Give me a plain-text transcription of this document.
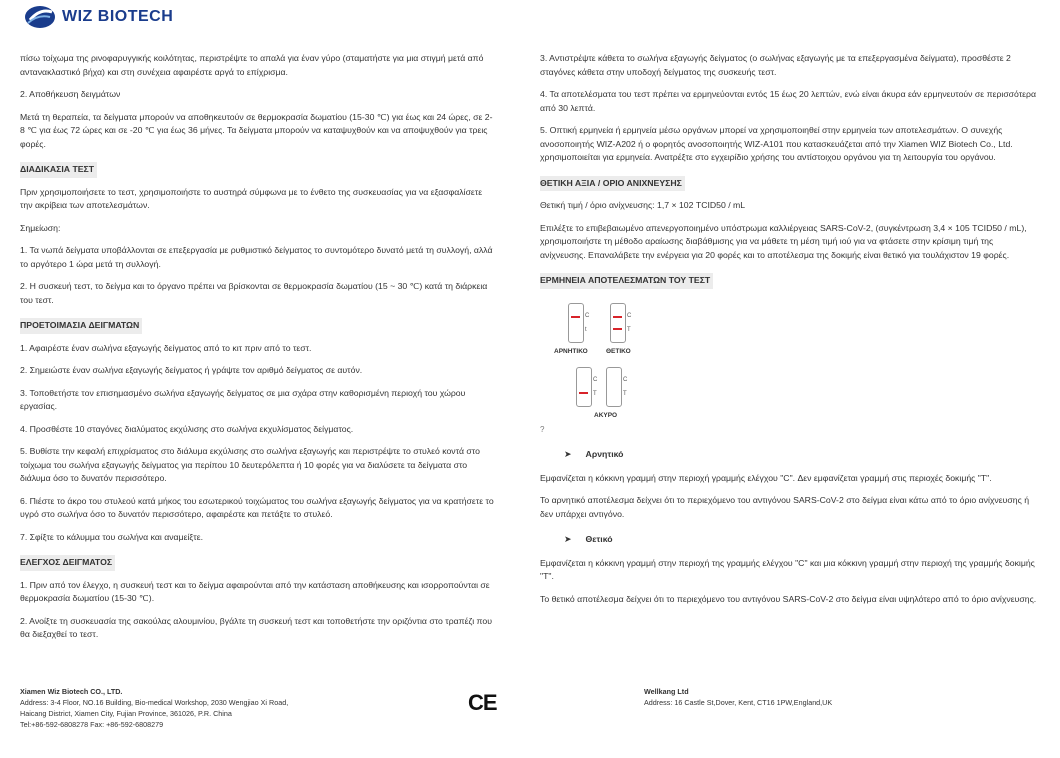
WIZ BIOTECH

πίσω τοίχωμα της ρινοφαρυγγικής κοιλότητας, περιστρέψτε το απαλά για έναν γύρο (σταματήστε για μια στιγμή μετά από αντανακλαστικό βήχα) και στη συνέχεια αφαιρέστε αργά το επίχρισμα.

2. Αποθήκευση δειγμάτων

Μετά τη θεραπεία, τα δείγματα μπορούν να αποθηκευτούν σε θερμοκρασία δωματίου (15-30 ℃) για έως και 24 ώρες, σε 2-8 ℃ για έως 72 ώρες και σε -20 ℃ για έως 36 μήνες. Τα δείγματα μπορούν να καταψυχθούν και να αποψυχθούν για τρεις φορές.

ΔΙΑΔΙΚΑΣΙΑ ΤΕΣΤ

Πριν χρησιμοποιήσετε το τεστ, χρησιμοποιήστε το αυστηρά σύμφωνα με το ένθετο της συσκευασίας για να εξασφαλίσετε την ακρίβεια των αποτελεσμάτων.

Σημείωση:

1. Τα νωπά δείγματα υποβάλλονται σε επεξεργασία με ρυθμιστικό δείγματος το συντομότερο δυνατό μετά τη συλλογή, αλλά το αργότερο 1 ώρα μετά τη συλλογή.

2. Η συσκευή τεστ, το δείγμα και το όργανο πρέπει να βρίσκονται σε θερμοκρασία δωματίου (15 ~ 30 ℃) κατά τη διάρκεια του τεστ.

ΠΡΟΕΤΟΙΜΑΣΙΑ ΔΕΙΓΜΑΤΩΝ

1. Αφαιρέστε έναν σωλήνα εξαγωγής δείγματος από το κιτ πριν από το τεστ.

2. Σημειώστε έναν σωλήνα εξαγωγής δείγματος ή γράψτε τον αριθμό δείγματος σε αυτόν.

3. Τοποθετήστε τον επισημασμένο σωλήνα εξαγωγής δείγματος σε μια σχάρα στην καθορισμένη περιοχή του χώρου εργασίας.

4. Προσθέστε 10 σταγόνες διαλύματος εκχύλισης στο σωλήνα εκχυλίσματος δείγματος.

5. Βυθίστε την κεφαλή επιχρίσματος στο διάλυμα εκχύλισης στο σωλήνα εξαγωγής και περιστρέψτε το στυλεό κοντά στο τοίχωμα του σωλήνα εξαγωγής δείγματος για περίπου 10 δευτερόλεπτα ή 10 φορές για να διαλύσετε τα δείγματα στο διάλυμα όσο το δυνατόν περισσότερο.

6. Πιέστε το άκρο του στυλεού κατά μήκος του εσωτερικού τοιχώματος του σωλήνα εξαγωγής δείγματος για να κρατήσετε το υγρό στο σωλήνα όσο το δυνατόν περισσότερο, αφαιρέστε και πετάξτε το στυλεό.

7. Σφίξτε το κάλυμμα του σωλήνα και αναμείξτε.

ΕΛΕΓΧΟΣ ΔΕΙΓΜΑΤΟΣ

1. Πριν από τον έλεγχο, η συσκευή τεστ και το δείγμα αφαιρούνται από την κατάσταση αποθήκευσης και ισορροπούνται σε θερμοκρασία δωματίου (15-30 ℃).

2. Ανοίξτε τη συσκευασία της σακούλας αλουμινίου, βγάλτε τη συσκευή τεστ και τοποθετήστε την οριζόντια στο τραπέζι που θα διεξαχθεί το τεστ.

3. Αντιστρέψτε κάθετα το σωλήνα εξαγωγής δείγματος (ο σωλήνας εξαγωγής με τα επεξεργασμένα δείγματα), προσθέστε 2 σταγόνες κάθετα στην υποδοχή δείγματος της συσκευής τεστ.

4. Τα αποτελέσματα του τεστ πρέπει να ερμηνεύονται εντός 15 έως 20 λεπτών, ενώ είναι άκυρα εάν ερμηνευτούν σε περισσότερα από 30 λεπτά.

5. Οπτική ερμηνεία ή ερμηνεία μέσω οργάνων μπορεί να χρησιμοποιηθεί στην ερμηνεία των αποτελεσμάτων. Ο συνεχής ανοσοποιητής WIZ-A202 ή ο φορητός ανοσοποιητής WIZ-A101 που κατασκευάζεται από την Xiamen WIZ Biotech Co., Ltd. χρησιμοποιείται για ερμηνεία. Ανατρέξτε στο εγχειρίδιο χρήσης του αντίστοιχου οργάνου για τη λειτουργία του οργάνου.

ΘΕΤΙΚΗ ΑΞΙΑ / ΟΡΙΟ ΑΝΙΧΝΕΥΣΗΣ

Θετική τιμή / όριο ανίχνευσης: 1,7 × 102 TCID50 / mL

Επιλέξτε το επιβεβαιωμένο απενεργοποιημένο υπόστρωμα καλλιέργειας SARS-CoV-2, (συγκέντρωση 3,4 × 105 TCID50 / mL), χρησιμοποιήστε τη μέθοδο αραίωσης διαβάθμισης για να μάθετε τη μέση τιμή ιού για να φτάσετε στην κρίσιμη τιμή της ανίχνευσης. Επαναλάβετε την ενέργεια για 20 φορές και το αποτέλεσμα της δοκιμής είναι θετικό για τουλάχιστον 19 φορές.

ΕΡΜΗΝΕΙΑ ΑΠΟΤΕΛΕΣΜΑΤΩΝ ΤΟΥ ΤΕΣΤ

C
t
C
T
ΑΡΝΗΤΙΚΟ	ΘΕΤΙΚΟ
C
T
C
T
ΑΚΥΡΟ

?

➤ Αρνητικό

Εμφανίζεται η κόκκινη γραμμή στην περιοχή γραμμής ελέγχου "C". Δεν εμφανίζεται γραμμή στις περιοχές δοκιμής "Τ".

Το αρνητικό αποτέλεσμα δείχνει ότι το περιεχόμενο του αντιγόνου SARS-CoV-2 στο δείγμα είναι κάτω από το όριο ανίχνευσης ή δεν υπάρχει αντιγόνο.

➤ Θετικό

Εμφανίζεται η κόκκινη γραμμή στην περιοχή της γραμμής ελέγχου "C" και μια κόκκινη γραμμή στην περιοχή της γραμμής δοκιμής "T".

Το θετικό αποτέλεσμα δείχνει ότι το περιεχόμενο του αντιγόνου SARS-CoV-2 στο δείγμα είναι υψηλότερο από το όριο ανίχνευσης.

Xiamen Wiz Biotech CO., LTD.
Address: 3-4 Floor, NO.16 Building, Bio-medical Workshop, 2030 Wengjiao Xi Road,
Haicang District, Xiamen City, Fujian Province, 361026, P.R. China
Tel:+86-592-6808278 Fax: +86-592-6808279
CE	Wellkang Ltd
Address: 16 Castle St,Dover, Kent, CT16 1PW,England,UK
